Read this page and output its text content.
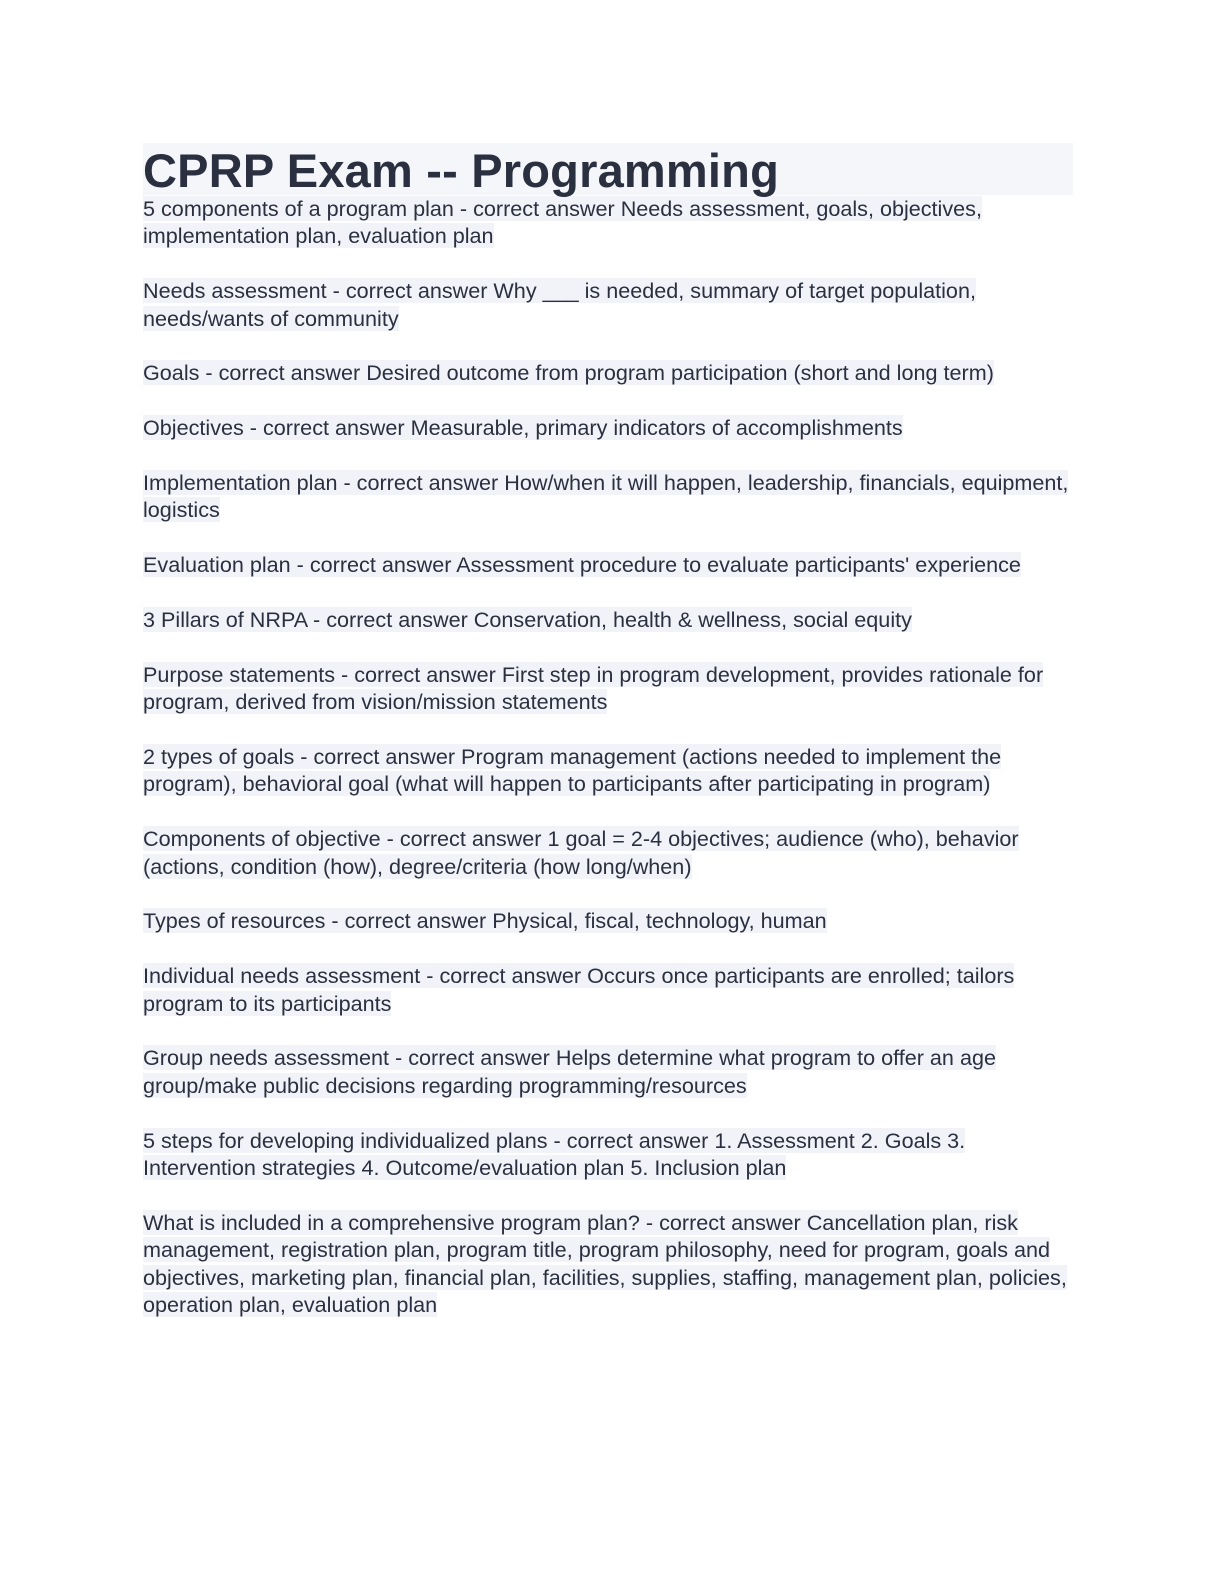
CPRP Exam -- Programming
5 components of a program plan - correct answer Needs assessment, goals, objectives, implementation plan, evaluation plan
Needs assessment - correct answer Why ___ is needed, summary of target population, needs/wants of community
Goals - correct answer Desired outcome from program participation (short and long term)
Objectives - correct answer Measurable, primary indicators of accomplishments
Implementation plan - correct answer How/when it will happen, leadership, financials, equipment, logistics
Evaluation plan - correct answer Assessment procedure to evaluate participants' experience
3 Pillars of NRPA - correct answer Conservation, health & wellness, social equity
Purpose statements - correct answer First step in program development, provides rationale for program, derived from vision/mission statements
2 types of goals - correct answer Program management (actions needed to implement the program), behavioral goal (what will happen to participants after participating in program)
Components of objective - correct answer 1 goal = 2-4 objectives; audience (who), behavior (actions, condition (how), degree/criteria (how long/when)
Types of resources - correct answer Physical, fiscal, technology, human
Individual needs assessment - correct answer Occurs once participants are enrolled; tailors program to its participants
Group needs assessment - correct answer Helps determine what program to offer an age group/make public decisions regarding programming/resources
5 steps for developing individualized plans - correct answer 1. Assessment 2. Goals 3. Intervention strategies 4. Outcome/evaluation plan 5. Inclusion plan
What is included in a comprehensive program plan? - correct answer Cancellation plan, risk management, registration plan, program title, program philosophy, need for program, goals and objectives, marketing plan, financial plan, facilities, supplies, staffing, management plan, policies, operation plan, evaluation plan
